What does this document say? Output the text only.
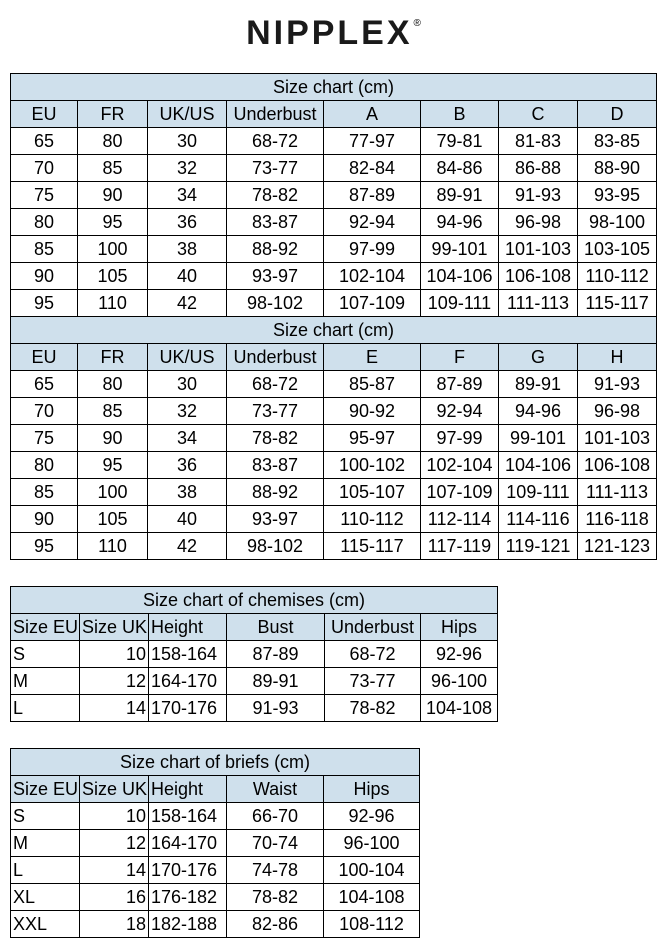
NIPPLEX®
Size chart (cm)							
EU	FR	UK/US	Underbust	A	B	C	D
65	80	30	68-72	77-97	79-81	81-83	83-85
70	85	32	73-77	82-84	84-86	86-88	88-90
75	90	34	78-82	87-89	89-91	91-93	93-95
80	95	36	83-87	92-94	94-96	96-98	98-100
85	100	38	88-92	97-99	99-101	101-103	103-105
90	105	40	93-97	102-104	104-106	106-108	110-112
95	110	42	98-102	107-109	109-111	111-113	115-117
Size chart (cm)							
EU	FR	UK/US	Underbust	E	F	G	H
65	80	30	68-72	85-87	87-89	89-91	91-93
70	85	32	73-77	90-92	92-94	94-96	96-98
75	90	34	78-82	95-97	97-99	99-101	101-103
80	95	36	83-87	100-102	102-104	104-106	106-108
85	100	38	88-92	105-107	107-109	109-111	111-113
90	105	40	93-97	110-112	112-114	114-116	116-118
95	110	42	98-102	115-117	117-119	119-121	121-123
Size chart of chemises (cm)					
Size EU	Size UK	Height	Bust	Underbust	Hips
S	10	158-164	87-89	68-72	92-96
M	12	164-170	89-91	73-77	96-100
L	14	170-176	91-93	78-82	104-108
Size chart of briefs (cm)				
Size EU	Size UK	Height	Waist	Hips
S	10	158-164	66-70	92-96
M	12	164-170	70-74	96-100
L	14	170-176	74-78	100-104
XL	16	176-182	78-82	104-108
XXL	18	182-188	82-86	108-112
